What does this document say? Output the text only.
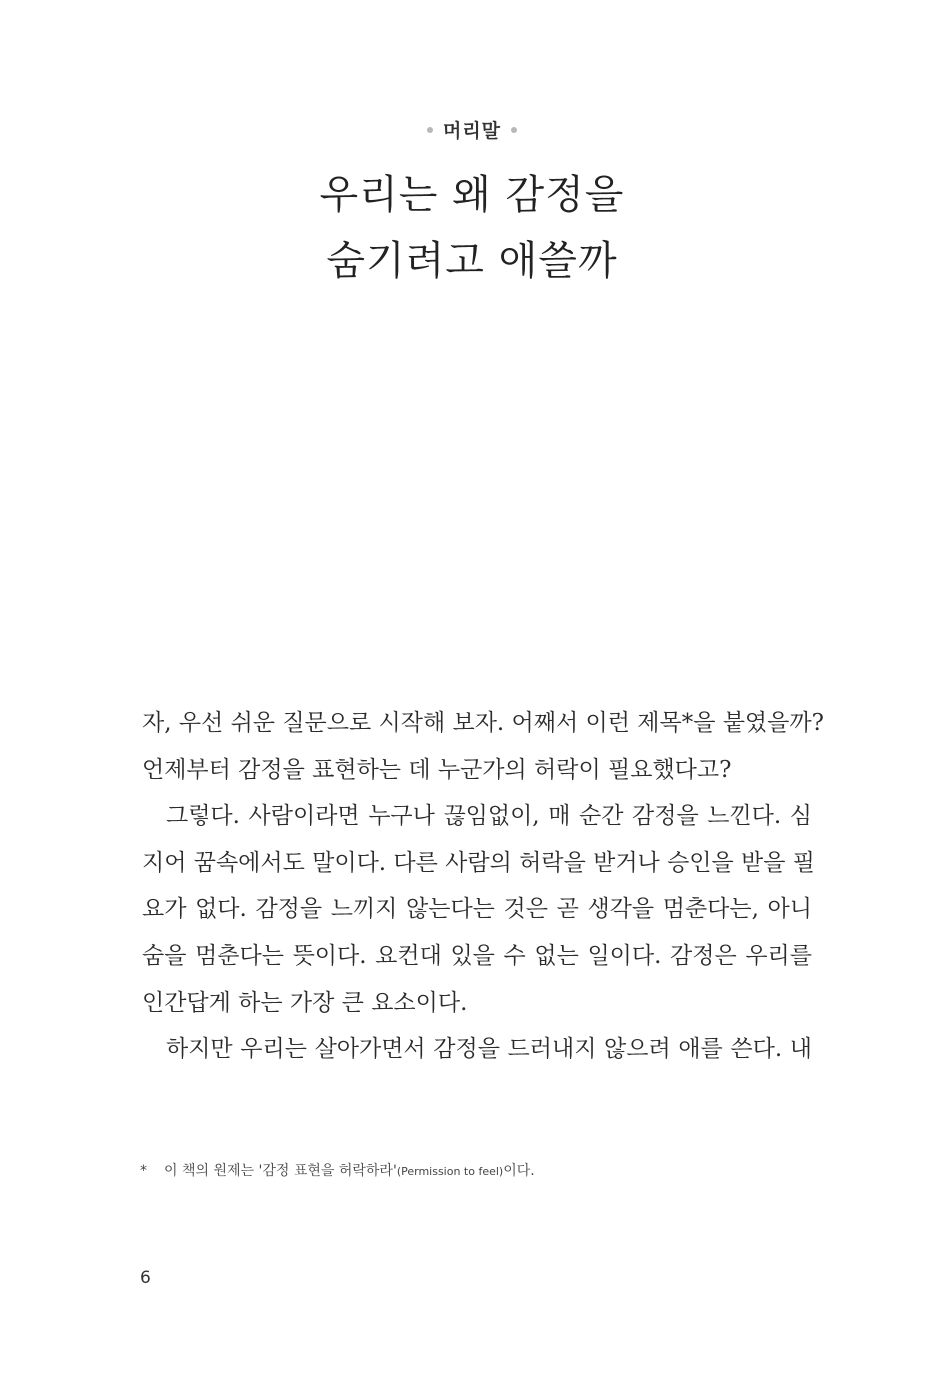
머리말
우리는 왜 감정을
숨기려고 애쓸까
자, 우선 쉬운 질문으로 시작해 보자. 어째서 이런 제목*을 붙였을까?
언제부터 감정을 표현하는 데 누군가의 허락이 필요했다고?
그렇다. 사람이라면 누구나 끊임없이, 매 순간 감정을 느낀다. 심
지어 꿈속에서도 말이다. 다른 사람의 허락을 받거나 승인을 받을 필
요가 없다. 감정을 느끼지 않는다는 것은 곧 생각을 멈춘다는, 아니
숨을 멈춘다는 뜻이다. 요컨대 있을 수 없는 일이다. 감정은 우리를
인간답게 하는 가장 큰 요소이다.
하지만 우리는 살아가면서 감정을 드러내지 않으려 애를 쓴다. 내
* 이 책의 원제는 '감정 표현을 허락하라'(Permission to feel)이다.
6
